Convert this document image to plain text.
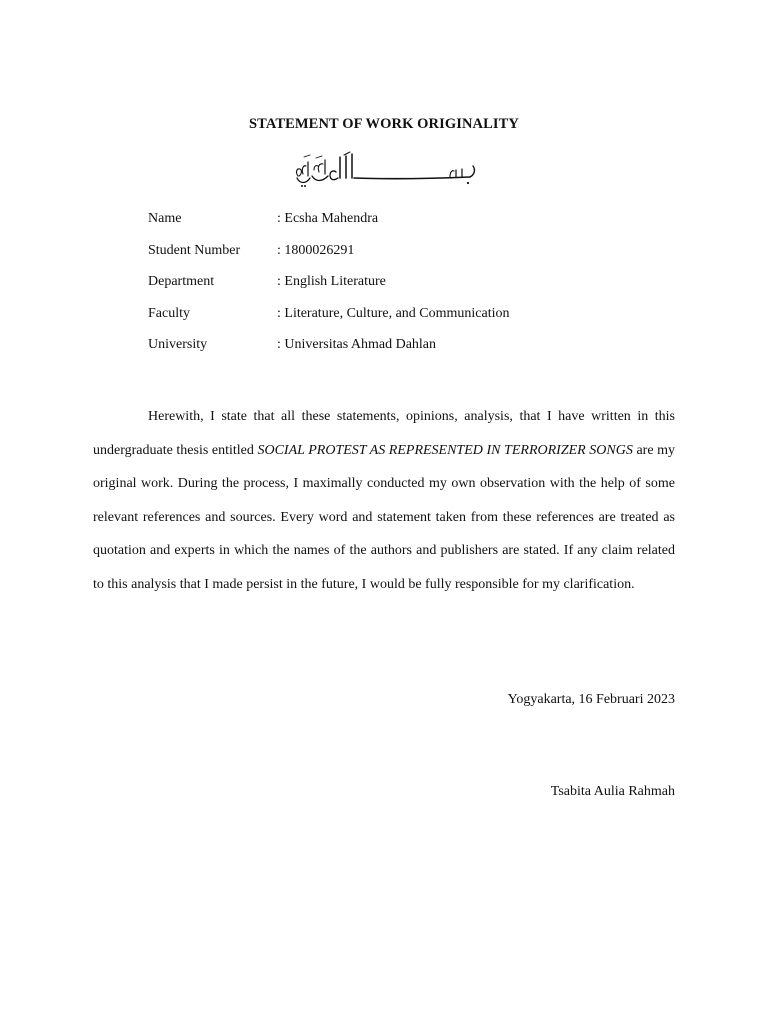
STATEMENT OF WORK ORIGINALITY
Name	: Ecsha Mahendra
Student Number	: 1800026291
Department	: English Literature
Faculty	: Literature, Culture, and Communication
University	: Universitas Ahmad Dahlan
Herewith, I state that all these statements, opinions, analysis, that I have written in this undergraduate thesis entitled SOCIAL PROTEST AS REPRESENTED IN TERRORIZER SONGS are my original work. During the process, I maximally conducted my own observation with the help of some relevant references and sources. Every word and statement taken from these references are treated as quotation and experts in which the names of the authors and publishers are stated. If any claim related to this analysis that I made persist in the future, I would be fully responsible for my clarification.
Yogyakarta, 16 Februari 2023
Tsabita Aulia Rahmah
